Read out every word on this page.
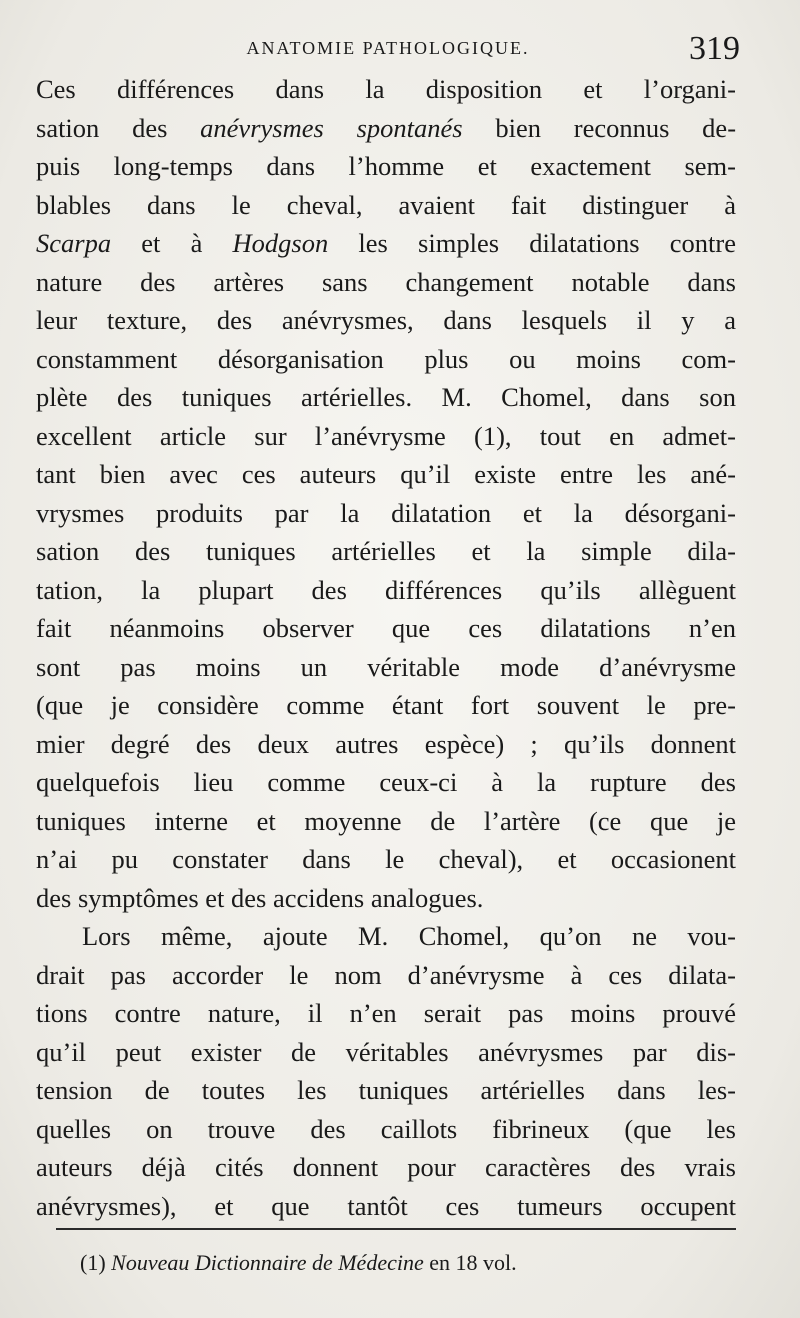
ANATOMIE PATHOLOGIQUE.	319
Ces différences dans la disposition et l’organi-
sation des anévrysmes spontanés bien reconnus de-
puis long-temps dans l’homme et exactement sem-
blables dans le cheval, avaient fait distinguer à
Scarpa et à Hodgson les simples dilatations contre
nature des artères sans changement notable dans
leur texture, des anévrysmes, dans lesquels il y a
constamment désorganisation plus ou moins com-
plète des tuniques artérielles. M. Chomel, dans son
excellent article sur l’anévrysme (1), tout en admet-
tant bien avec ces auteurs qu’il existe entre les ané-
vrysmes produits par la dilatation et la désorgani-
sation des tuniques artérielles et la simple dila-
tation, la plupart des différences qu’ils allèguent
fait néanmoins observer que ces dilatations n’en
sont pas moins un véritable mode d’anévrysme
(que je considère comme étant fort souvent le pre-
mier degré des deux autres espèce) ; qu’ils donnent
quelquefois lieu comme ceux-ci à la rupture des
tuniques interne et moyenne de l’artère (ce que je
n’ai pu constater dans le cheval), et occasionent
des symptômes et des accidens analogues.
Lors même, ajoute M. Chomel, qu’on ne vou-
drait pas accorder le nom d’anévrysme à ces dilata-
tions contre nature, il n’en serait pas moins prouvé
qu’il peut exister de véritables anévrysmes par dis-
tension de toutes les tuniques artérielles dans les-
quelles on trouve des caillots fibrineux (que les
auteurs déjà cités donnent pour caractères des vrais
anévrysmes), et que tantôt ces tumeurs occupent
(1) Nouveau Dictionnaire de Médecine en 18 vol.
